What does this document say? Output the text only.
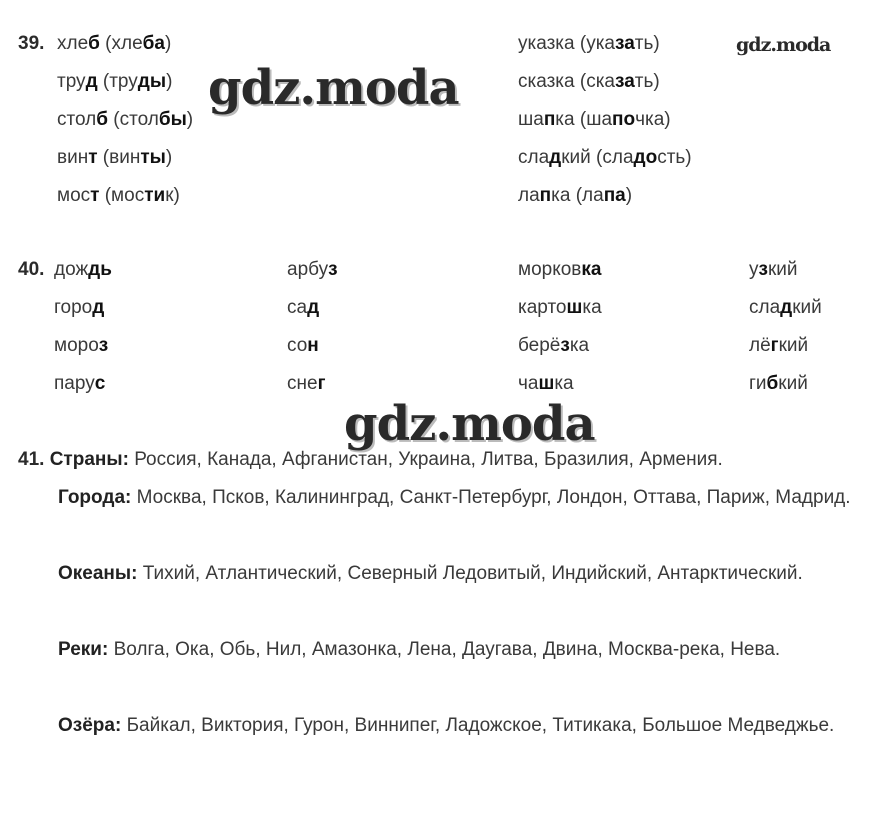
39. хлеб (хлеба)
труд (труды)
столб (столбы)
винт (винты)
мост (мостик)
указка (указать)
сказка (сказать)
шапка (шапочка)
сладкий (сладость)
лапка (лапа)
40. дождь
город
мороз
парус
арбуз
сад
сон
снег
морковка
картошка
берёзка
чашка
узкий
сладкий
лёгкий
гибкий
gdz.moda
gdz.moda
gdz.moda
41. Страны: Россия, Канада, Афганистан, Украина, Литва, Бразилия, Армения.
Города: Москва, Псков, Калининград, Санкт-Петербург, Лондон, Оттава, Париж, Мадрид.
Океаны: Тихий, Атлантический, Северный Ледовитый, Индийский, Антарктический.
Реки: Волга, Ока, Обь, Нил, Амазонка, Лена, Даугава, Двина, Москва-река, Нева.
Озёра: Байкал, Виктория, Гурон, Виннипег, Ладожское, Титикака, Большое Медведжье.
